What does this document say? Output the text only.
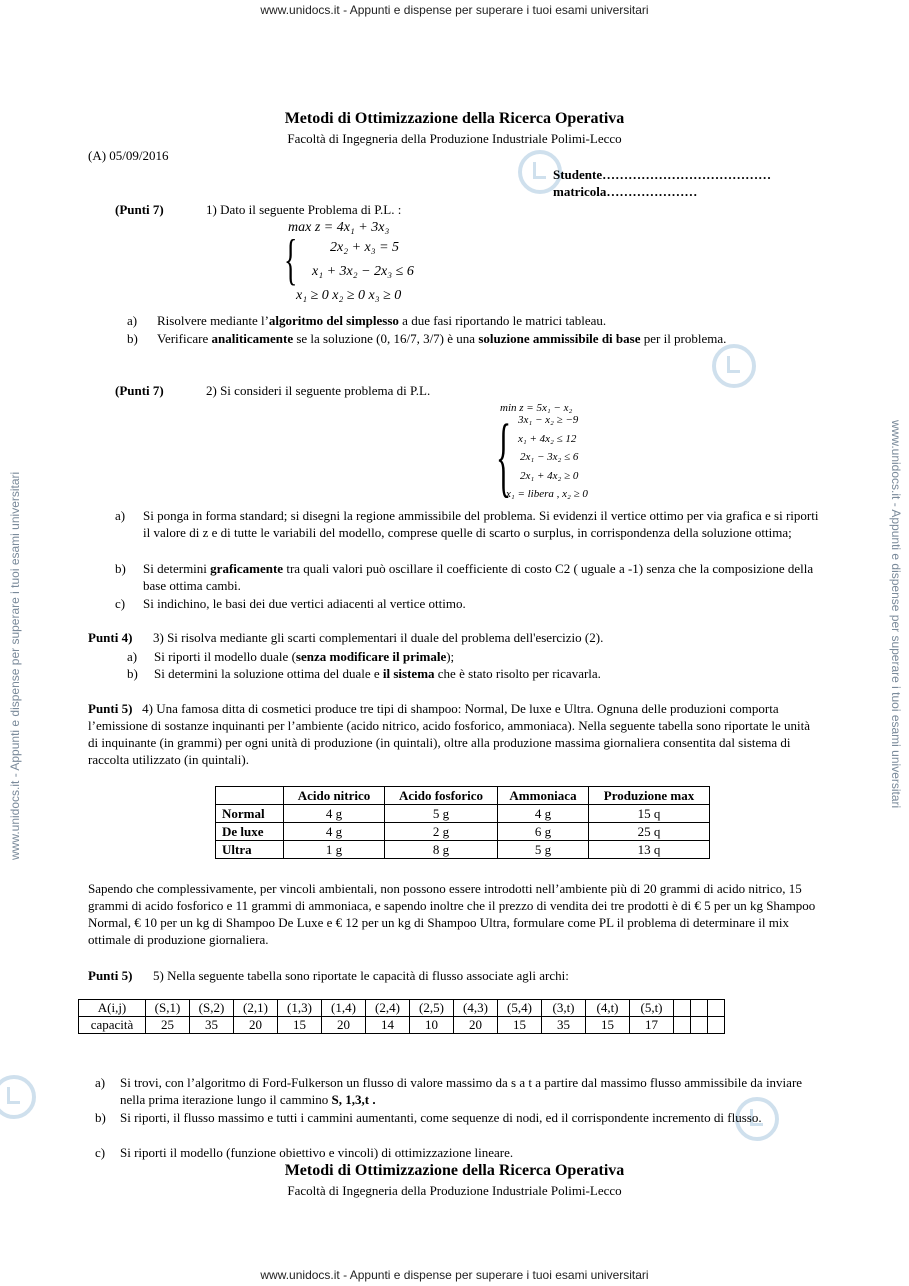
www.unidocs.it - Appunti e dispense per superare i tuoi esami universitari
www.unidocs.it - Appunti e dispense per superare i tuoi esami universitari
www.unidocs.it - Appunti e dispense per superare i tuoi esami universitari	www.unidocs.it - Appunti e dispense per superare i tuoi esami universitari
Metodi di Ottimizzazione della Ricerca Operativa
Facoltà di Ingegneria della Produzione Industriale Polimi-Lecco
(A) 05/09/2016
Studente…………………………………
matricola…………………
(Punti 7)	1) Dato il seguente Problema di P.L. :
max z = 4x₁ + 3x₃
{ 2x₂ + x₃ = 5
x₁ + 3x₂ − 2x₃ ≤ 6
x₁ ≥ 0 x₂ ≥ 0 x₃ ≥ 0
a) Risolvere mediante l’algoritmo del simplesso a due fasi riportando le matrici tableau.
b) Verificare analiticamente se la soluzione (0, 16/7, 3/7) è una soluzione ammissibile di base per il problema.
(Punti 7)	2) Si consideri il seguente problema di P.L.
min z = 5x₁ − x₂
{ 3x₁ − x₂ ≥ −9
x₁ + 4x₂ ≤ 12
2x₁ − 3x₂ ≤ 6
2x₁ + 4x₂ ≥ 0
x₁ = libera , x₂ ≥ 0
a) Si ponga in forma standard; si disegni la regione ammissibile del problema. Si evidenzi il vertice ottimo per via grafica e si riporti il valore di z e di tutte le variabili del modello, comprese quelle di scarto o surplus, in corrispondenza della soluzione ottima;
b) Si determini graficamente tra quali valori può oscillare il coefficiente di costo C2 ( uguale a -1) senza che la composizione della base ottima cambi.
c) Si indichino, le basi dei due vertici adiacenti al vertice ottimo.
Punti 4) 3) Si risolva mediante gli scarti complementari il duale del problema dell'esercizio (2).
a) Si riporti il modello duale (senza modificare il primale);
b) Si determini la soluzione ottima del duale e il sistema che è stato risolto per ricavarla.
Punti 5) 4) Una famosa ditta di cosmetici produce tre tipi di shampoo: Normal, De luxe e Ultra. Ognuna delle produzioni comporta l’emissione di sostanze inquinanti per l’ambiente (acido nitrico, acido fosforico, ammoniaca). Nella seguente tabella sono riportate le unità di inquinante (in grammi) per ogni unità di produzione (in quintali), oltre alla produzione massima giornaliera consentita dal sistema di raccolta utilizzato (in quintali).
	Acido nitrico	Acido fosforico	Ammoniaca	Produzione max
Normal	4 g	5 g	4 g	15 q
De luxe	4 g	2 g	6 g	25 q
Ultra	1 g	8 g	5 g	13 q
Sapendo che complessivamente, per vincoli ambientali, non possono essere introdotti nell’ambiente più di 20 grammi di acido nitrico, 15 grammi di acido fosforico e 11 grammi di ammoniaca, e sapendo inoltre che il prezzo di vendita dei tre prodotti è di € 5 per un kg Shampoo Normal, € 10 per un kg di Shampoo De Luxe e € 12 per un kg di Shampoo Ultra, formulare come PL il problema di determinare il mix ottimale di produzione giornaliera.
Punti 5) 5) Nella seguente tabella sono riportate le capacità di flusso associate agli archi:
A(i,j)	(S,1)	(S,2)	(2,1)	(1,3)	(1,4)	(2,4)	(2,5)	(4,3)	(5,4)	(3,t)	(4,t)	(5,t)			
capacità	25	35	20	15	20	14	10	20	15	35	15	17			
a) Si trovi, con l’algoritmo di Ford-Fulkerson un flusso di valore massimo da s a t a partire dal massimo flusso ammissibile da inviare nella prima iterazione lungo il cammino S, 1,3,t .
b) Si riporti, il flusso massimo e tutti i cammini aumentanti, come sequenze di nodi, ed il corrispondente incremento di flusso.
c) Si riporti il modello (funzione obiettivo e vincoli) di ottimizzazione lineare.
Metodi di Ottimizzazione della Ricerca Operativa
Facoltà di Ingegneria della Produzione Industriale Polimi-Lecco
